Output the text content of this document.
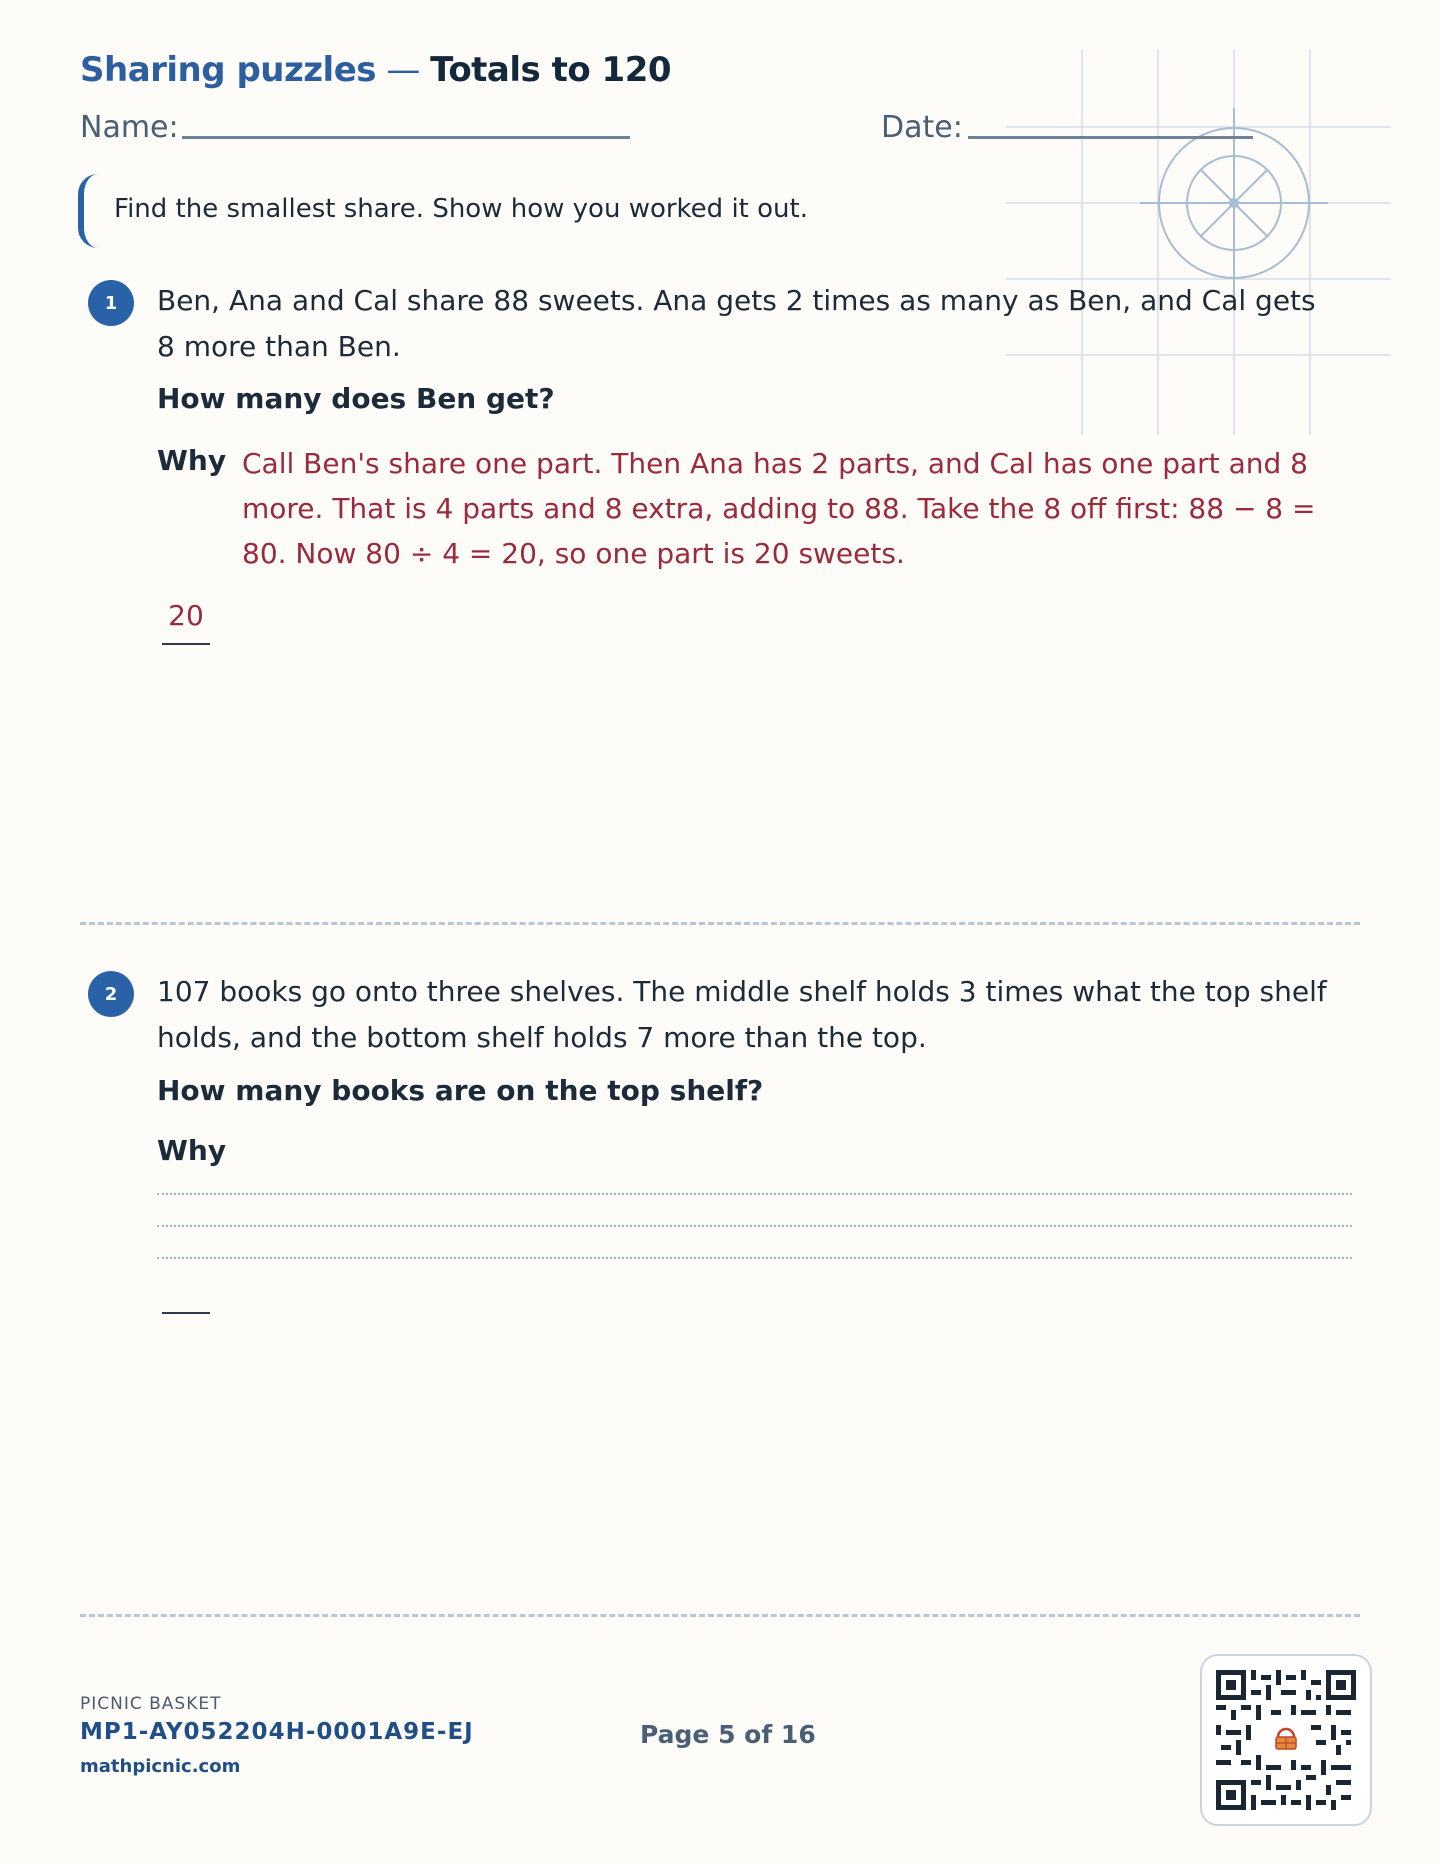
Sharing puzzles — Totals to 120
Name:	Date:
Find the smallest share. Show how you worked it out.
1	Ben, Ana and Cal share 88 sweets. Ana gets 2 times as many as Ben, and Cal gets 8 more than Ben.
How many does Ben get?
Why Call Ben's share one part. Then Ana has 2 parts, and Cal has one part and 8 more. That is 4 parts and 8 extra, adding to 88. Take the 8 off first: 88 − 8 = 80. Now 80 ÷ 4 = 20, so one part is 20 sweets.
20
2	107 books go onto three shelves. The middle shelf holds 3 times what the top shelf holds, and the bottom shelf holds 7 more than the top.
How many books are on the top shelf?
Why
PICNIC BASKET
MP1-AY052204H-0001A9E-EJ
mathpicnic.com
Page 5 of 16
